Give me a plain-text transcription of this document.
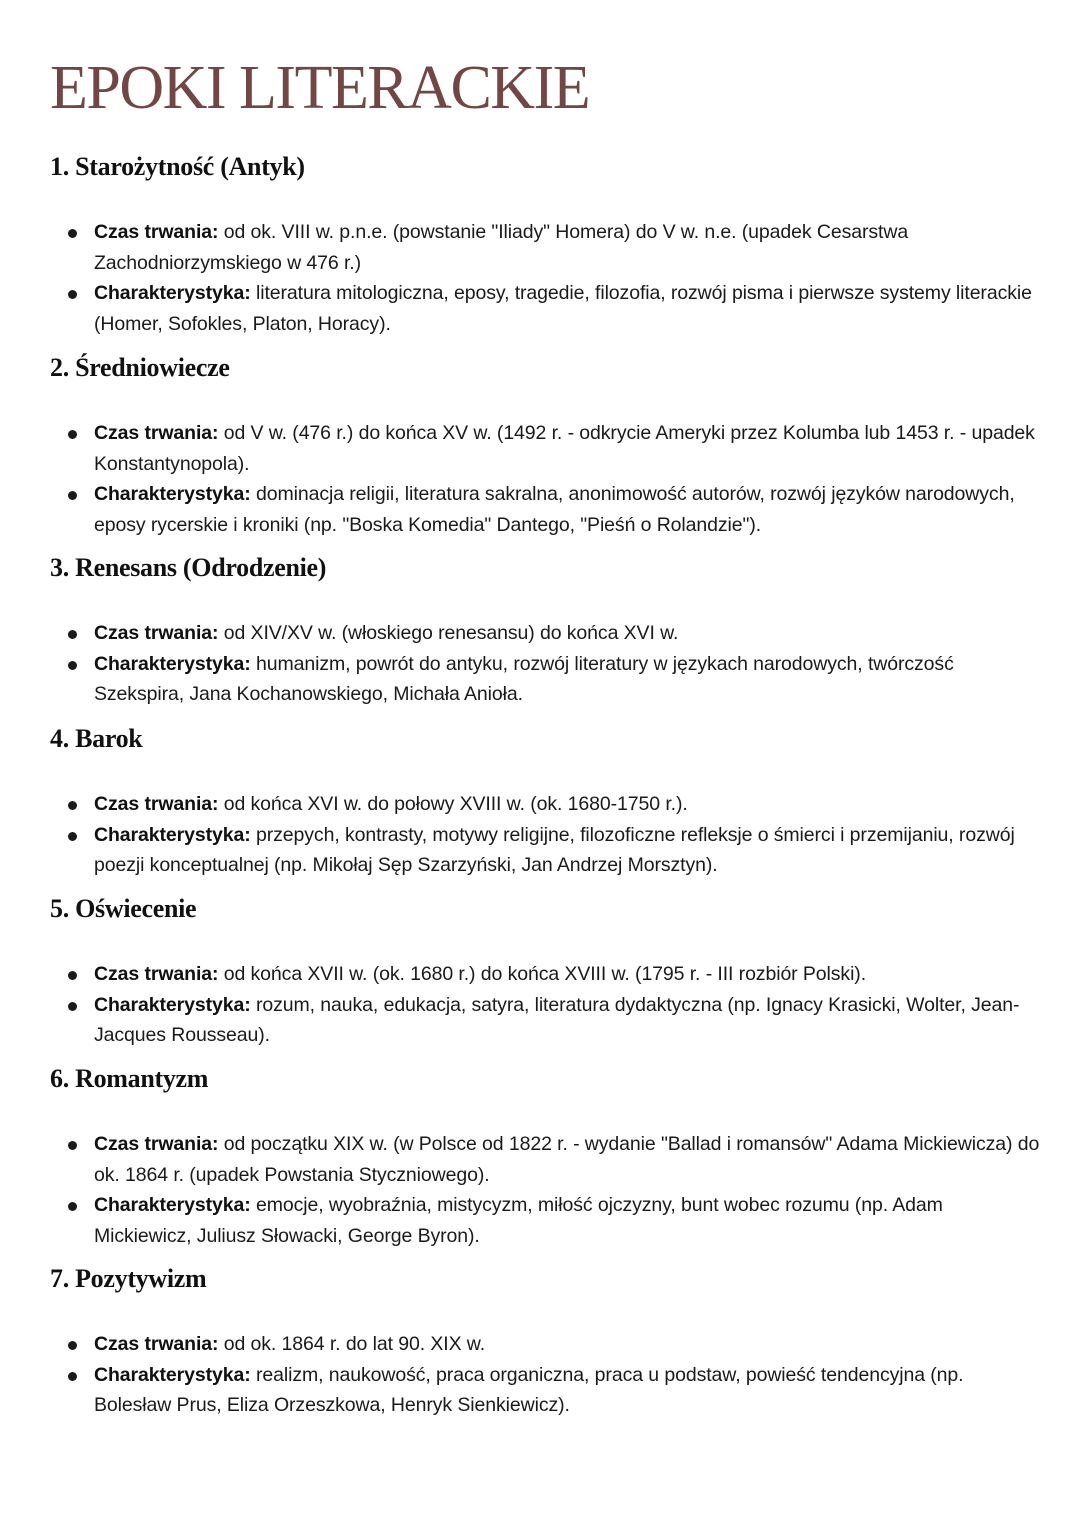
EPOKI LITERACKIE
1. Starożytność (Antyk)
Czas trwania: od ok. VIII w. p.n.e. (powstanie "Iliady" Homera) do V w. n.e. (upadek Cesarstwa Zachodniorzymskiego w 476 r.)
Charakterystyka: literatura mitologiczna, eposy, tragedie, filozofia, rozwój pisma i pierwsze systemy literackie (Homer, Sofokles, Platon, Horacy).
2. Średniowiecze
Czas trwania: od V w. (476 r.) do końca XV w. (1492 r. - odkrycie Ameryki przez Kolumba lub 1453 r. - upadek Konstantynopola).
Charakterystyka: dominacja religii, literatura sakralna, anonimowość autorów, rozwój języków narodowych, eposy rycerskie i kroniki (np. "Boska Komedia" Dantego, "Pieśń o Rolandzie").
3. Renesans (Odrodzenie)
Czas trwania: od XIV/XV w. (włoskiego renesansu) do końca XVI w.
Charakterystyka: humanizm, powrót do antyku, rozwój literatury w językach narodowych, twórczość Szekspira, Jana Kochanowskiego, Michała Anioła.
4. Barok
Czas trwania: od końca XVI w. do połowy XVIII w. (ok. 1680-1750 r.).
Charakterystyka: przepych, kontrasty, motywy religijne, filozoficzne refleksje o śmierci i przemijaniu, rozwój poezji konceptualnej (np. Mikołaj Sęp Szarzyński, Jan Andrzej Morsztyn).
5. Oświecenie
Czas trwania: od końca XVII w. (ok. 1680 r.) do końca XVIII w. (1795 r. - III rozbiór Polski).
Charakterystyka: rozum, nauka, edukacja, satyra, literatura dydaktyczna (np. Ignacy Krasicki, Wolter, Jean-Jacques Rousseau).
6. Romantyzm
Czas trwania: od początku XIX w. (w Polsce od 1822 r. - wydanie "Ballad i romansów" Adama Mickiewicza) do ok. 1864 r. (upadek Powstania Styczniowego).
Charakterystyka: emocje, wyobraźnia, mistycyzm, miłość ojczyzny, bunt wobec rozumu (np. Adam Mickiewicz, Juliusz Słowacki, George Byron).
7. Pozytywizm
Czas trwania: od ok. 1864 r. do lat 90. XIX w.
Charakterystyka: realizm, naukowość, praca organiczna, praca u podstaw, powieść tendencyjna (np. Bolesław Prus, Eliza Orzeszkowa, Henryk Sienkiewicz).
